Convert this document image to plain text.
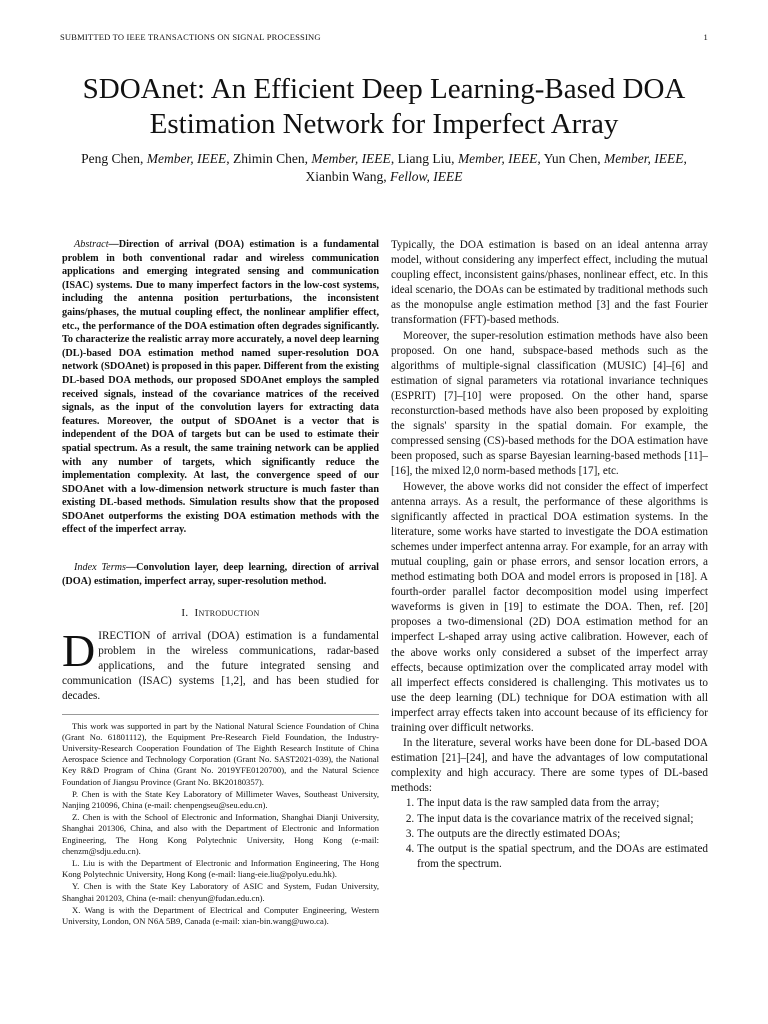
SUBMITTED TO IEEE TRANSACTIONS ON SIGNAL PROCESSING	1
SDOAnet: An Efficient Deep Learning-Based DOA Estimation Network for Imperfect Array
Peng Chen, Member, IEEE, Zhimin Chen, Member, IEEE, Liang Liu, Member, IEEE, Yun Chen, Member, IEEE,
Xianbin Wang, Fellow, IEEE

Abstract—Direction of arrival (DOA) estimation is a fundamental problem in both conventional radar and wireless communication applications and emerging integrated sensing and communication (ISAC) systems. Due to many imperfect factors in the low-cost systems, including the antenna position perturbations, the inconsistent gains/phases, the mutual coupling effect, the nonlinear amplifier effect, etc., the performance of the DOA estimation often degrades significantly. To characterize the realistic array more accurately, a novel deep learning (DL)-based DOA estimation method named super-resolution DOA network (SDOAnet) is proposed in this paper. Different from the existing DL-based DOA methods, our proposed SDOAnet employs the sampled received signals, instead of the covariance matrices of the received signals, as the input of the convolution layers for extracting data features. Moreover, the output of SDOAnet is a vector that is independent of the DOA of targets but can be used to estimate their spatial spectrum. As a result, the same training network can be applied with any number of targets, which significantly reduce the implementation complexity. At last, the convergence speed of our SDOAnet with a low-dimension network structure is much faster than existing DL-based methods. Simulation results show that the proposed SDOAnet outperforms the existing DOA estimation methods with the effect of the imperfect array.

Index Terms—Convolution layer, deep learning, direction of arrival (DOA) estimation, imperfect array, super-resolution method.

I. Introduction

DIRECTION of arrival (DOA) estimation is a fundamental problem in the wireless communications, radar-based applications, and the future integrated sensing and communication (ISAC) systems [1,2], and has been studied for decades.

This work was supported in part by the National Natural Science Foundation of China (Grant No. 61801112), the Equipment Pre-Research Field Foundation, the Industry-University-Research Cooperation Foundation of The Eighth Research Institute of China Aerospace Science and Technology Corporation (Grant No. SAST2021-039), the National Key R&D Program of China (Grant No. 2019YFE0120700), and the Natural Science Foundation of Jiangsu Province (Grant No. BK20180357).

P. Chen is with the State Key Laboratory of Millimeter Waves, Southeast University, Nanjing 210096, China (e-mail: chenpengseu@seu.edu.cn).

Z. Chen is with the School of Electronic and Information, Shanghai Dianji University, Shanghai 201306, China, and also with the Department of Electronic and Information Engineering, The Hong Kong Polytechnic University, Hong Kong (e-mail: chenzm@sdju.edu.cn).

L. Liu is with the Department of Electronic and Information Engineering, The Hong Kong Polytechnic University, Hong Kong (e-mail: liang-eie.liu@polyu.edu.hk).

Y. Chen is with the State Key Laboratory of ASIC and System, Fudan University, Shanghai 201203, China (e-mail: chenyun@fudan.edu.cn).

X. Wang is with the Department of Electrical and Computer Engineering, Western University, London, ON N6A 5B9, Canada (e-mail: xian-bin.wang@uwo.ca).

Typically, the DOA estimation is based on an ideal antenna array model, without considering any imperfect effect, including the mutual coupling effect, inconsistent gains/phases, nonlinear effect, etc. In this ideal scenario, the DOAs can be estimated by traditional methods such as the monopulse angle estimation method [3] and the fast Fourier transformation (FFT)-based methods.

Moreover, the super-resolution estimation methods have also been proposed. On one hand, subspace-based methods such as the algorithms of multiple-signal classification (MUSIC) [4]–[6] and estimation of signal parameters via rotational invariance techniques (ESPRIT) [7]–[10] were proposed. On the other hand, sparse reconsturction-based methods have also been proposed by exploiting the signals' sparsity in the spatial domain. For example, the compressed sensing (CS)-based methods for the DOA estimation have been proposed, such as sparse Bayesian learning-based methods [11]–[16], the mixed l2,0 norm-based methods [17], etc.

However, the above works did not consider the effect of imperfect antenna arrays. As a result, the performance of these algorithms is significantly affected in practical DOA estimation systems. In the literature, some works have started to investigate the DOA estimation schemes under imperfect antenna array. For example, for an array with mutual coupling, gain or phase errors, and sensor location errors, a method estimating both DOA and model errors is proposed in [18]. A fourth-order parallel factor decomposition model using imperfect waveforms is given in [19] to estimate the DOA. Then, ref. [20] proposes a two-dimensional (2D) DOA estimation method for an imperfect L-shaped array using active calibration. However, each of the above works only considered a subset of the imperfect array effects, because optimization over the complicated array model with all imperfect effects considered is challenging. This motivates us to use the deep learning (DL) technique for DOA estimation with all imperfect array effects taken into account because of its efficiency for training over difficult networks.

In the literature, several works have been done for DL-based DOA estimation [21]–[24], and have the advantages of low computational complexity and high accuracy. There are some types of DL-based methods:

1. The input data is the raw sampled data from the array;
2. The input data is the covariance matrix of the received signal;
3. The outputs are the directly estimated DOAs;
4. The output is the spatial spectrum, and the DOAs are estimated from the spectrum.
